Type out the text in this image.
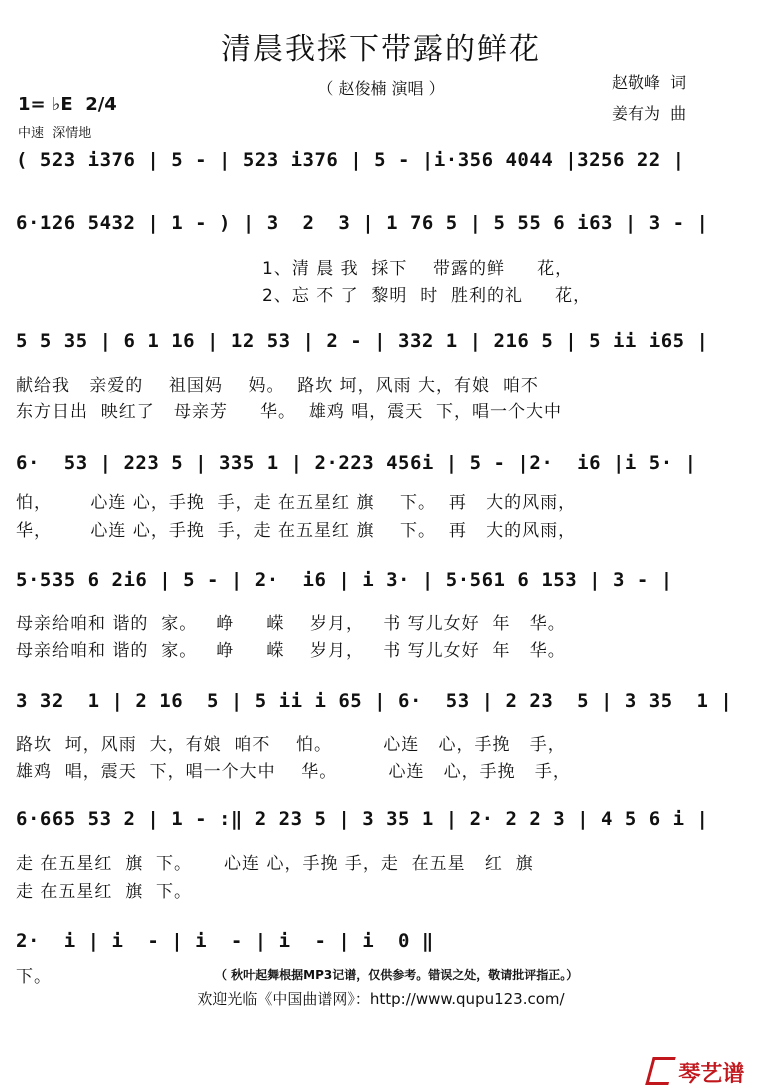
清晨我採下带露的鲜花
（ 赵俊楠 演唱 ）	赵敬峰  词
姜有为  曲
1= ♭E  2/4
中速  深情地
( 523 i376 | 5 - | 523 i376 | 5 - |i·356 4044 |3256 22 |
6·126 5432 | 1 - ) | 3  2  3 | 1 76 5 | 5 55 6 i63 | 3 - |
1、清 晨 我  採下    带露的鲜     花，
2、忘 不 了  黎明  时  胜利的礼     花，
5 5 35 | 6 1 16 | 12 53 | 2 - | 332 1 | 216 5 | 5 ii i65 |
献给我   亲爱的    祖国妈    妈。  路坎 坷，风雨 大，有娘  咱不
东方日出  映红了   母亲芳     华。  雄鸡 唱，震天  下，唱一个大中
6·  53 | 223 5 | 335 1 | 2·223 456i | 5 - |2·  i6 |i 5· |
怕，      心连 心，手挽  手，走 在五星红 旗    下。  再   大的风雨，
华，      心连 心，手挽  手，走 在五星红 旗    下。  再   大的风雨，
5·535 6 2i6 | 5 - | 2·  i6 | i 3· | 5·561 6 153 | 3 - |
母亲给咱和 谐的  家。   峥     嵘    岁月，   书 写儿女好  年   华。
母亲给咱和 谐的  家。   峥     嵘    岁月，   书 写儿女好  年   华。
3 32  1 | 2 16  5 | 5 ii i 65 | 6·  53 | 2 23  5 | 3 35  1 |
路坎  坷，风雨  大，有娘  咱不    怕。        心连   心，手挽   手，
雄鸡  唱，震天  下，唱一个大中    华。        心连   心，手挽   手，
6·665 53 2 | 1 - :‖ 2 23 5 | 3 35 1 | 2· 2 2 3 | 4 5 6 i |
走 在五星红  旗  下。     心连 心，手挽 手，走  在五星   红  旗
走 在五星红  旗  下。
2·  i | i  - | i  - | i  - | i  0 ‖
下。	（ 秋叶起舞根据MP3记谱，仅供参考。错误之处，敬请批评指正。）
欢迎光临《中国曲谱网》：http://www.qupu123.com/

琴艺谱
